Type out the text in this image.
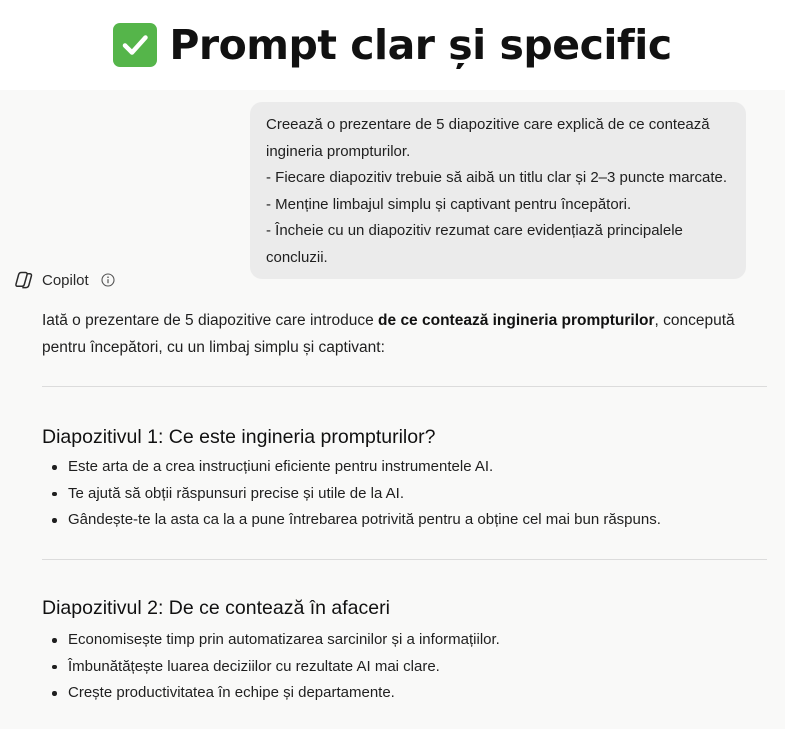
Prompt clar și specific

Creează o prezentare de 5 diapozitive care explică de ce contează

ingineria prompturilor.

- Fiecare diapozitiv trebuie să aibă un titlu clar și 2–3 puncte marcate.

- Menține limbajul simplu și captivant pentru începători.

- Încheie cu un diapozitiv rezumat care evidențiază principalele concluzii.

Copilot

Iată o prezentare de 5 diapozitive care introduce de ce contează ingineria prompturilor, concepută pentru începători, cu un limbaj simplu și captivant:

Diapozitivul 1: Ce este ingineria prompturilor?
Este arta de a crea instrucțiuni eficiente pentru instrumentele AI.
Te ajută să obții răspunsuri precise și utile de la AI.
Gândește-te la asta ca la a pune întrebarea potrivită pentru a obține cel mai bun răspuns.
Diapozitivul 2: De ce contează în afaceri
Economisește timp prin automatizarea sarcinilor și a informațiilor.
Îmbunătățește luarea deciziilor cu rezultate AI mai clare.
Crește productivitatea în echipe și departamente.
